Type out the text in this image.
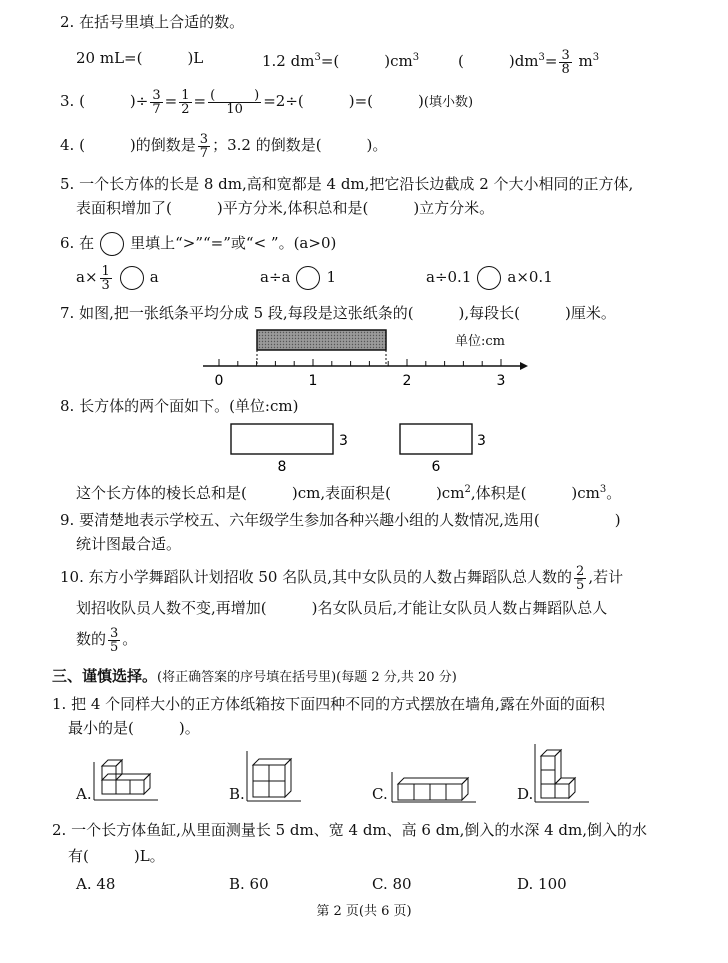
2. 在括号里填上合适的数。
20 mL=(　　　)L	1.2 $dm^3=$(　　　)$cm^3$	(　　　)$dm^3= \frac{3}{8} m^3$
3. (　　　)÷ $\frac{3}{7} = \frac{1}{2} = \frac{( )}{10} =2\div$(　　　)=(　　　)(填小数)
4. (　　　)的倒数是 $\frac{3}{7}$ ；3.2 的倒数是(　　　)。
5. 一个长方体的长是 8 dm,高和宽都是 4 dm,把它沿长边截成 2 个大小相同的正方体,
表面积增加了(　　　)平方分米,体积总和是(　　　)立方分米。
6. 在 里填上“>”“=”或“< ”。(a>0)
$a\times \frac{1}{3}$	a	a÷a 1	a÷0.1 a×0.1
7. 如图,把一张纸条平均分成 5 段,每段是这张纸条的(　　　),每段长(　　　)厘米。
单位:cm
0	1	2	3
8. 长方体的两个面如下。(单位:cm)
3
8
3
6
这个长方体的棱长总和是(　　　)cm,表面积是(　　　)$cm^2$,体积是(　　　)$cm^3$。
9. 要清楚地表示学校五、六年级学生参加各种兴趣小组的人数情况,选用(　　　　　)
统计图最合适。
10. 东方小学舞蹈队计划招收 50 名队员,其中女队员的人数占舞蹈队总人数的 $\frac{2}{5}$ ,若计
划招收队员人数不变,再增加(　　　)名女队员后,才能让女队员人数占舞蹈队总人
数的 $\frac{3}{5}$ 。
三、谨慎选择。(将正确答案的序号填在括号里)(每题 2 分,共 20 分)
1. 把 4 个同样大小的正方体纸箱按下面四种不同的方式摆放在墙角,露在外面的面积
最小的是(　　　)。
A.	B.	C.	D.
2. 一个长方体鱼缸,从里面测量长 5 dm、宽 4 dm、高 6 dm,倒入的水深 4 dm,倒入的水
有(　　　)L。
A. 48	B. 60	C. 80	D. 100
第 2 页(共 6 页)
